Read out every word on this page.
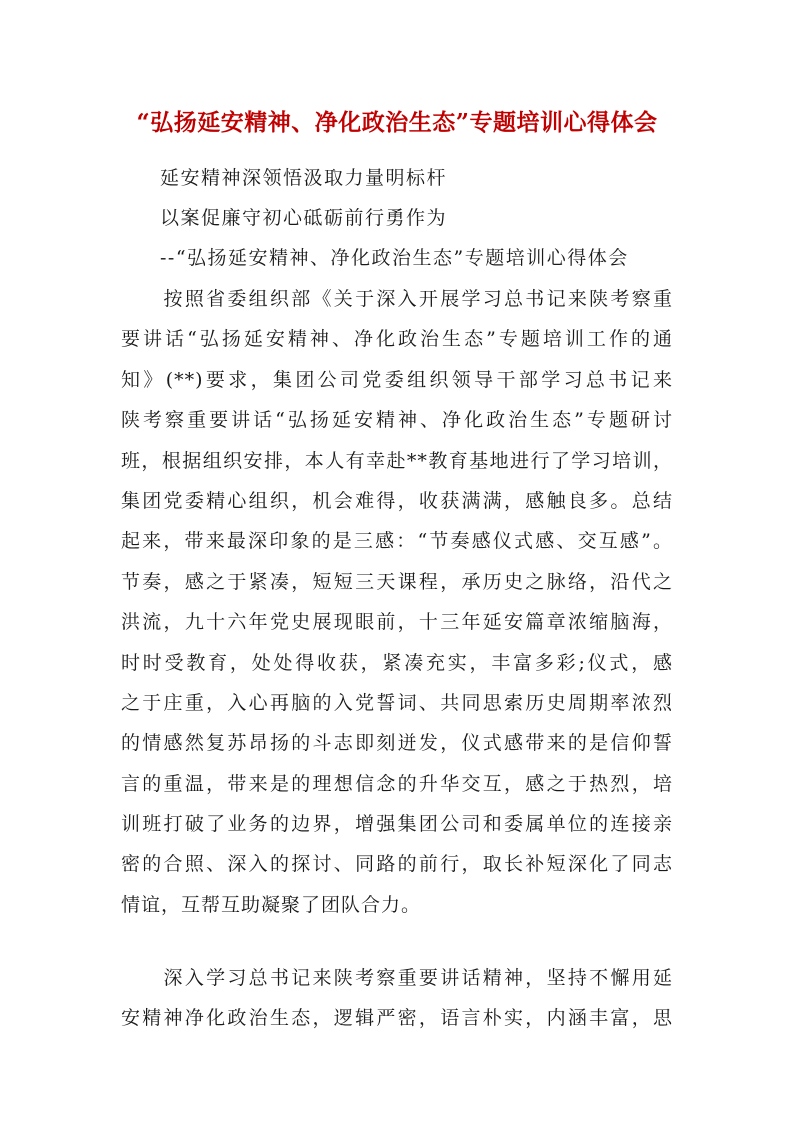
“弘扬延安精神、净化政治生态”专题培训心得体会
延安精神深领悟汲取力量明标杆
以案促廉守初心砥砺前行勇作为
--“弘扬延安精神、净化政治生态”专题培训心得体会
　　按照省委组织部《关于深入开展学习总书记来陕考察重
要讲话“弘扬延安精神、净化政治生态”专题培训工作的通
知》(**)要求，集团公司党委组织领导干部学习总书记来
陕考察重要讲话“弘扬延安精神、净化政治生态”专题研讨
班，根据组织安排，本人有幸赴**教育基地进行了学习培训，
集团党委精心组织，机会难得，收获满满，感触良多。总结
起来，带来最深印象的是三感：“节奏感仪式感、交互感”。
节奏，感之于紧凑，短短三天课程，承历史之脉络，沿代之
洪流，九十六年党史展现眼前，十三年延安篇章浓缩脑海，
时时受教育，处处得收获，紧凑充实，丰富多彩;仪式，感
之于庄重，入心再脑的入党誓词、共同思索历史周期率浓烈
的情感然复苏昂扬的斗志即刻迸发，仪式感带来的是信仰誓
言的重温，带来是的理想信念的升华交互，感之于热烈，培
训班打破了业务的边界，增强集团公司和委属单位的连接亲
密的合照、深入的探讨、同路的前行，取长补短深化了同志
情谊，互帮互助凝聚了团队合力。
　　深入学习总书记来陕考察重要讲话精神，坚持不懈用延
安精神净化政治生态，逻辑严密，语言朴实，内涵丰富，思
